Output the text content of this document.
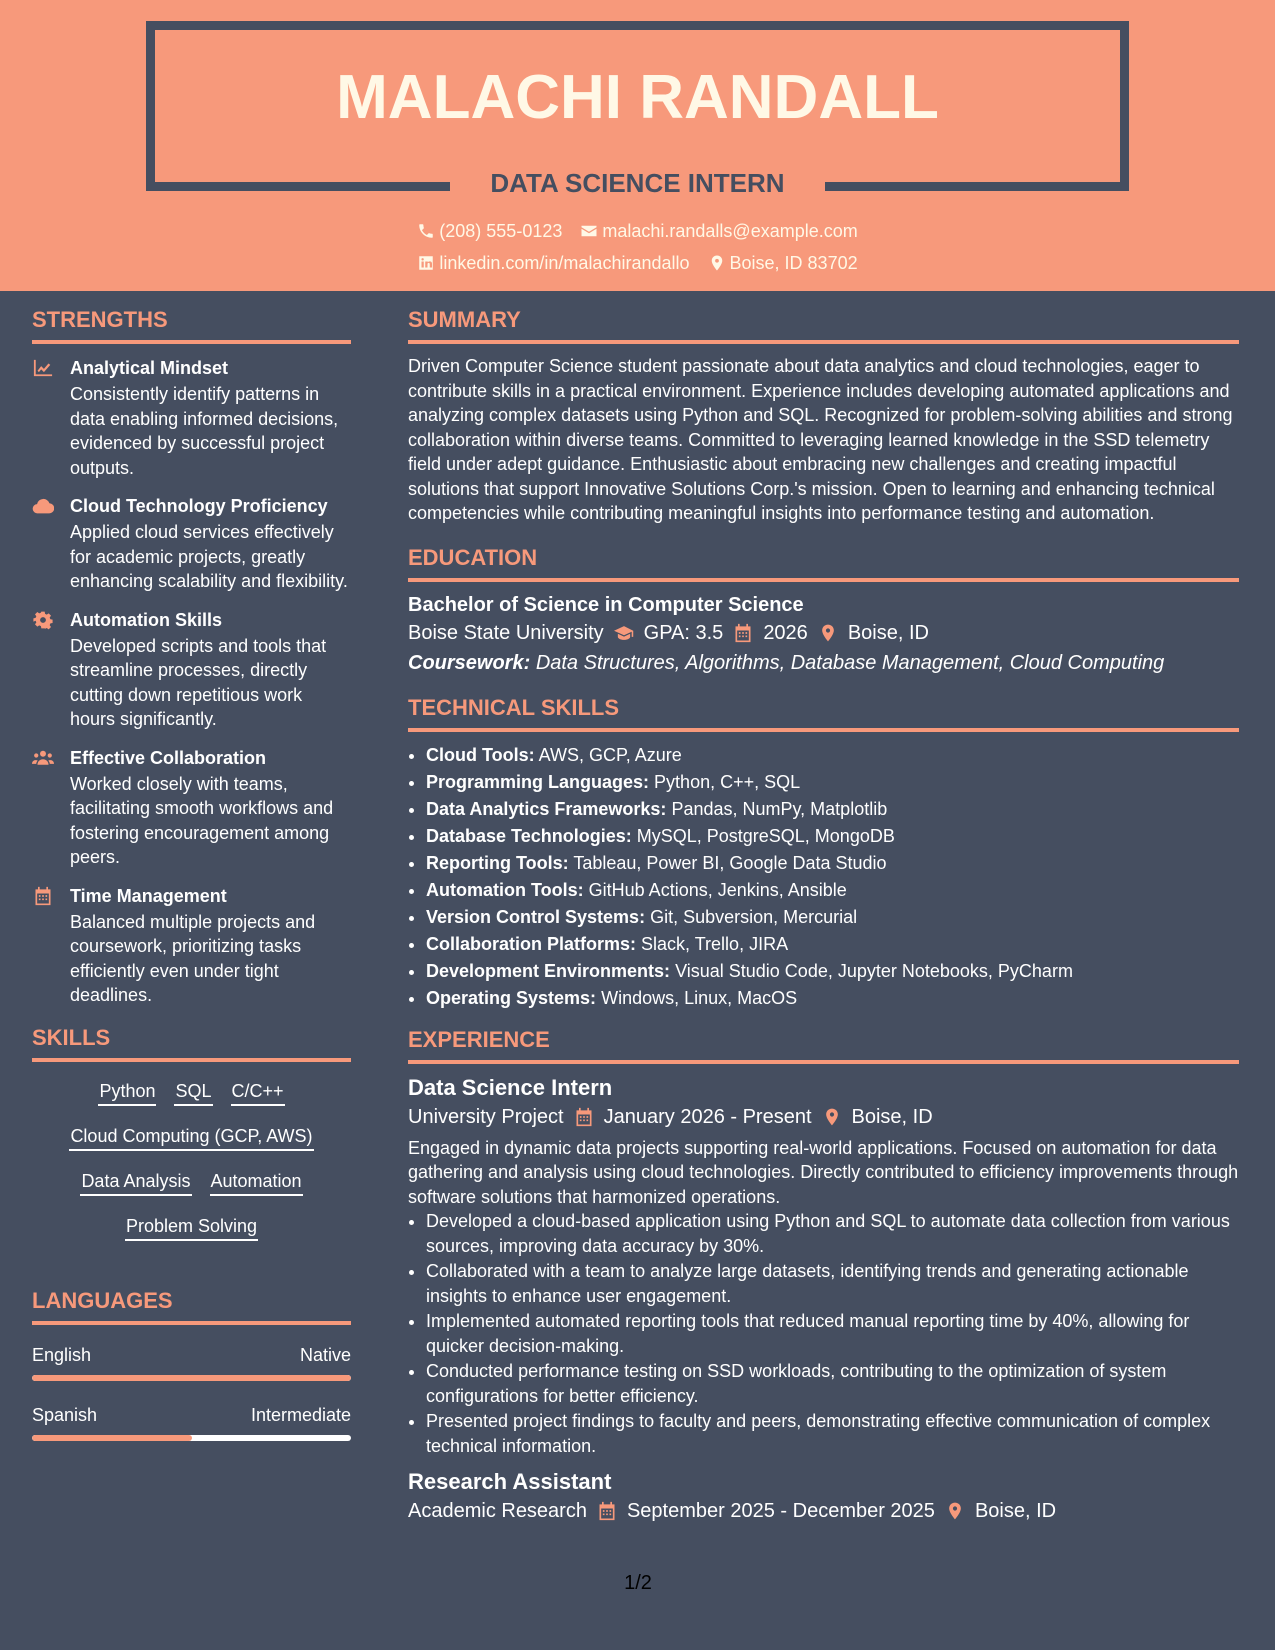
MALACHI RANDALL
DATA SCIENCE INTERN
(208) 555-0123 malachi.randalls@example.com
linkedin.com/in/malachirandallo Boise, ID 83702
STRENGTHS
Analytical Mindset
Consistently identify patterns in data enabling informed decisions, evidenced by successful project outputs.
Cloud Technology Proficiency
Applied cloud services effectively for academic projects, greatly enhancing scalability and flexibility.
Automation Skills
Developed scripts and tools that streamline processes, directly cutting down repetitious work hours significantly.
Effective Collaboration
Worked closely with teams, facilitating smooth workflows and fostering encouragement among peers.
Time Management
Balanced multiple projects and coursework, prioritizing tasks efficiently even under tight deadlines.
SKILLS
Python SQL C/C++
Cloud Computing (GCP, AWS)
Data Analysis Automation
Problem Solving
LANGUAGES
English	Native
Spanish	Intermediate
SUMMARY
Driven Computer Science student passionate about data analytics and cloud technologies, eager to contribute skills in a practical environment. Experience includes developing automated applications and analyzing complex datasets using Python and SQL. Recognized for problem-solving abilities and strong collaboration within diverse teams. Committed to leveraging learned knowledge in the SSD telemetry field under adept guidance. Enthusiastic about embracing new challenges and creating impactful solutions that support Innovative Solutions Corp.'s mission. Open to learning and enhancing technical competencies while contributing meaningful insights into performance testing and automation.
EDUCATION
Bachelor of Science in Computer Science
Boise State University GPA: 3.5 2026 Boise, ID
Coursework: Data Structures, Algorithms, Database Management, Cloud Computing
TECHNICAL SKILLS
• Cloud Tools: AWS, GCP, Azure
• Programming Languages: Python, C++, SQL
• Data Analytics Frameworks: Pandas, NumPy, Matplotlib
• Database Technologies: MySQL, PostgreSQL, MongoDB
• Reporting Tools: Tableau, Power BI, Google Data Studio
• Automation Tools: GitHub Actions, Jenkins, Ansible
• Version Control Systems: Git, Subversion, Mercurial
• Collaboration Platforms: Slack, Trello, JIRA
• Development Environments: Visual Studio Code, Jupyter Notebooks, PyCharm
• Operating Systems: Windows, Linux, MacOS
EXPERIENCE
Data Science Intern
University Project January 2026 - Present Boise, ID
Engaged in dynamic data projects supporting real-world applications. Focused on automation for data gathering and analysis using cloud technologies. Directly contributed to efficiency improvements through software solutions that harmonized operations.
• Developed a cloud-based application using Python and SQL to automate data collection from various sources, improving data accuracy by 30%.
• Collaborated with a team to analyze large datasets, identifying trends and generating actionable insights to enhance user engagement.
• Implemented automated reporting tools that reduced manual reporting time by 40%, allowing for quicker decision-making.
• Conducted performance testing on SSD workloads, contributing to the optimization of system configurations for better efficiency.
• Presented project findings to faculty and peers, demonstrating effective communication of complex technical information.
Research Assistant
Academic Research September 2025 - December 2025 Boise, ID
1/2
